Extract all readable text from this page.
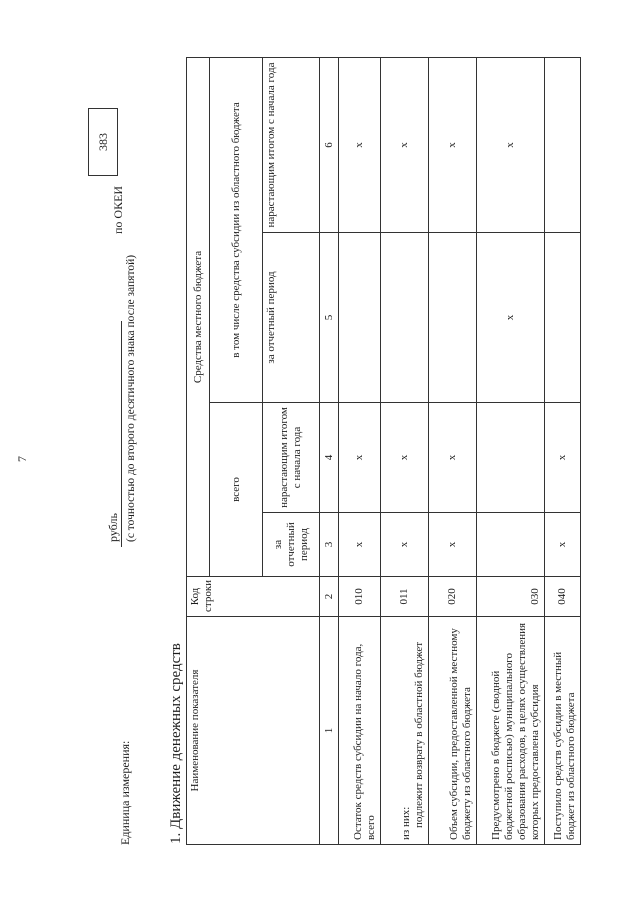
7
Единица измерения:
рубль (с точностью до второго десятичного знака после запятой)
по ОКЕИ
383
1. Движение денежных средств Наименование показателя	Код строки	Средства местного бюджета			
		всего		в том числе средства субсидии из областного бюджета	
		за отчетный период	нарастающим итогом с начала года	за отчетный период	нарастающим итогом с начала года
1	2	3	4	5	6
Остаток средств субсидии на начало года, всего	010	x	x		x
из них: подлежит возврату в областной бюджет	011	x	x		x
Объем субсидии, предоставленной местному бюджету из областного бюджета	020	x	x		x
Предусмотрено в бюджете (сводной бюджетной росписью) муниципального образования расходов, в целях осуществления которых предоставлена субсидия	030			x	x
Поступило средств субсидии в местный бюджет из областного бюджета	040	x	x		
